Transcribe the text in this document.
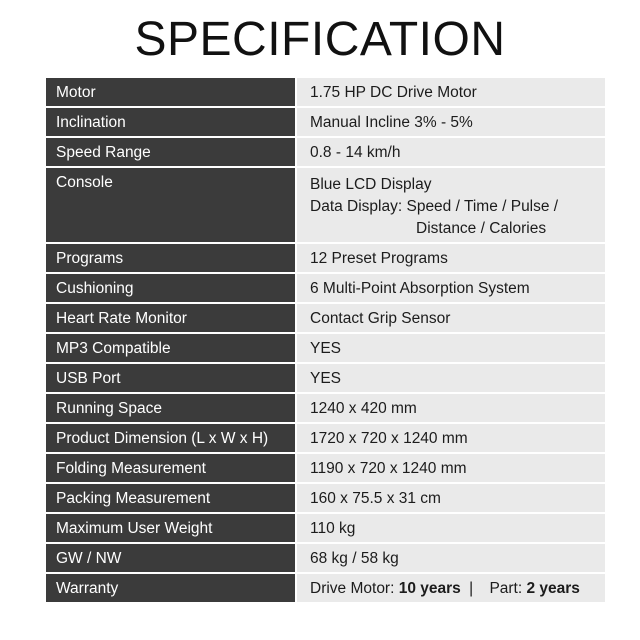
SPECIFICATION
Motor	1.75 HP DC Drive Motor
Inclination	Manual Incline 3% - 5%
Speed Range	0.8 - 14 km/h
Console	Blue LCD Display
Data Display: Speed / Time / Pulse /
Distance / Calories
Programs	12 Preset Programs
Cushioning	6 Multi-Point Absorption System
Heart Rate Monitor	Contact Grip Sensor
MP3 Compatible	YES
USB Port	YES
Running Space	1240 x 420 mm
Product Dimension (L x W x H)	1720 x 720 x 1240 mm
Folding Measurement	1190 x 720 x 1240 mm
Packing Measurement	160 x 75.5 x 31 cm
Maximum User Weight	110 kg
GW / NW	68 kg / 58 kg
Warranty	Drive Motor: 10 years | Part: 2 years
